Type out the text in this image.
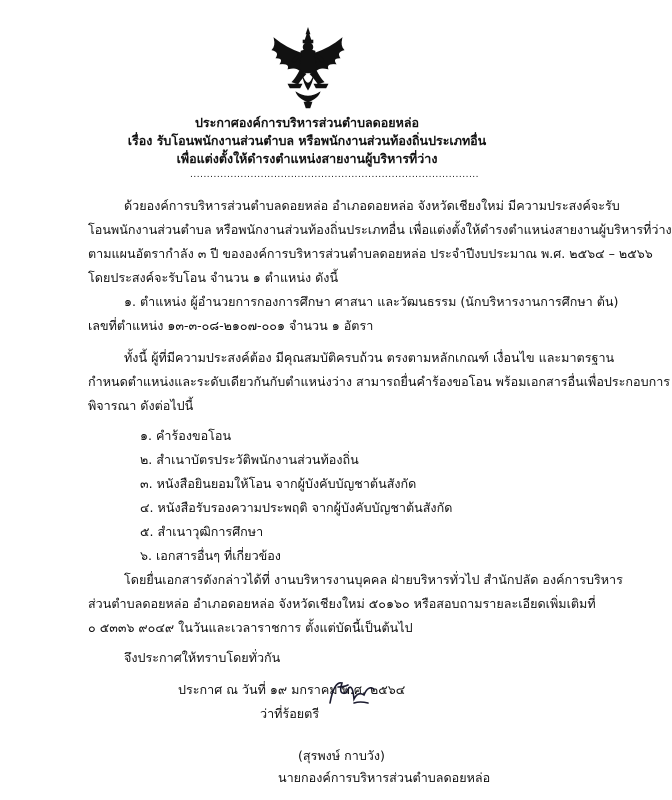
ประกาศองค์การบริหารส่วนตำบลดอยหล่อ
เรื่อง รับโอนพนักงานส่วนตำบล หรือพนักงานส่วนท้องถิ่นประเภทอื่น
เพื่อแต่งตั้งให้ดำรงตำแหน่งสายงานผู้บริหารที่ว่าง
......................................................................................
ด้วยองค์การบริหารส่วนตำบลดอยหล่อ อำเภอดอยหล่อ จังหวัดเชียงใหม่ มีความประสงค์จะรับ
โอนพนักงานส่วนตำบล หรือพนักงานส่วนท้องถิ่นประเภทอื่น เพื่อแต่งตั้งให้ดำรงตำแหน่งสายงานผู้บริหารที่ว่าง
ตามแผนอัตรากำลัง ๓ ปี ขององค์การบริหารส่วนตำบลดอยหล่อ ประจำปีงบประมาณ พ.ศ. ๒๕๖๔ – ๒๕๖๖
โดยประสงค์จะรับโอน จำนวน ๑ ตำแหน่ง ดังนี้
๑. ตำแหน่ง ผู้อำนวยการกองการศึกษา ศาสนา และวัฒนธรรม (นักบริหารงานการศึกษา ต้น)
เลขที่ตำแหน่ง ๑๓-๓-๐๘-๒๑๐๗-๐๐๑ จำนวน ๑ อัตรา
ทั้งนี้ ผู้ที่มีความประสงค์ต้อง มีคุณสมบัติครบถ้วน ตรงตามหลักเกณฑ์ เงื่อนไข และมาตรฐาน
กำหนดตำแหน่งและระดับเดียวกันกับตำแหน่งว่าง สามารถยื่นคำร้องขอโอน พร้อมเอกสารอื่นเพื่อประกอบการ
พิจารณา ดังต่อไปนี้
๑. คำร้องขอโอน
๒. สำเนาบัตรประวัติพนักงานส่วนท้องถิ่น
๓. หนังสือยินยอมให้โอน จากผู้บังคับบัญชาต้นสังกัด
๔. หนังสือรับรองความประพฤติ จากผู้บังคับบัญชาต้นสังกัด
๕. สำเนาวุฒิการศึกษา
๖. เอกสารอื่นๆ ที่เกี่ยวข้อง
โดยยื่นเอกสารดังกล่าวได้ที่ งานบริหารงานบุคคล ฝ่ายบริหารทั่วไป สำนักปลัด องค์การบริหาร
ส่วนตำบลดอยหล่อ อำเภอดอยหล่อ จังหวัดเชียงใหม่ ๕๐๑๖๐ หรือสอบถามรายละเอียดเพิ่มเติมที่
๐ ๕๓๓๖ ๙๐๔๙ ในวันและเวลาราชการ ตั้งแต่บัดนี้เป็นต้นไป
จึงประกาศให้ทราบโดยทั่วกัน
ประกาศ ณ วันที่ ๑๙ มกราคม พ.ศ. ๒๕๖๔
ว่าที่ร้อยตรี
(สุรพงษ์ กาบวัง)
นายกองค์การบริหารส่วนตำบลดอยหล่อ
